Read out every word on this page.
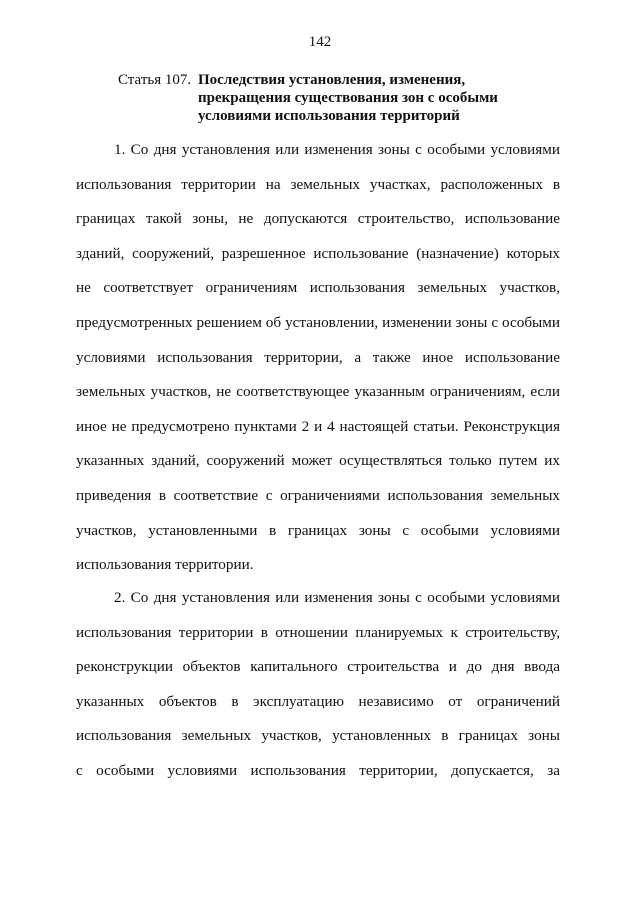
142
Статья 107. Последствия установления, изменения,
прекращения существования зон с особыми
условиями использования территорий
1. Со дня установления или изменения зоны с особыми условиями
использования территории на земельных участках, расположенных в
границах такой зоны, не допускаются строительство, использование
зданий, сооружений, разрешенное использование (назначение) которых
не соответствует ограничениям использования земельных участков,
предусмотренных решением об установлении, изменении зоны с особыми
условиями использования территории, а также иное использование
земельных участков, не соответствующее указанным ограничениям, если
иное не предусмотрено пунктами 2 и 4 настоящей статьи. Реконструкция
указанных зданий, сооружений может осуществляться только путем их
приведения в соответствие с ограничениями использования земельных
участков, установленными в границах зоны с особыми условиями
использования территории.
2. Со дня установления или изменения зоны с особыми условиями
использования территории в отношении планируемых к строительству,
реконструкции объектов капитального строительства и до дня ввода
указанных объектов в эксплуатацию независимо от ограничений
использования земельных участков, установленных в границах зоны
с особыми условиями использования территории, допускается, за
